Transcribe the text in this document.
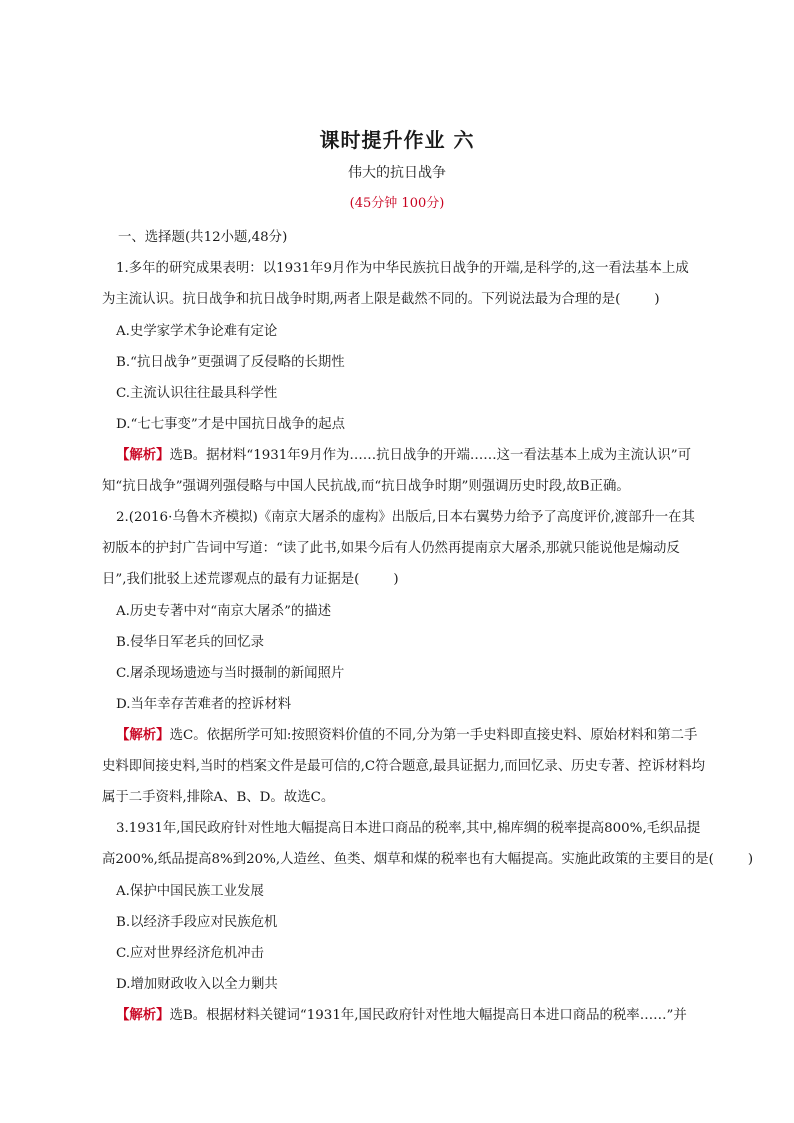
课时提升作业 六
伟大的抗日战争
(45分钟 100分)
一、选择题(共12小题,48分)
1.多年的研究成果表明：以1931年9月作为中华民族抗日战争的开端,是科学的,这一看法基本上成
为主流认识。抗日战争和抗日战争时期,两者上限是截然不同的。下列说法最为合理的是(	)
A.史学家学术争论难有定论
B.“抗日战争”更强调了反侵略的长期性
C.主流认识往往最具科学性
D.“七七事变”才是中国抗日战争的起点
【解析】选B。据材料“1931年9月作为……抗日战争的开端……这一看法基本上成为主流认识”可
知“抗日战争”强调列强侵略与中国人民抗战,而“抗日战争时期”则强调历史时段,故B正确。
2.(2016·乌鲁木齐模拟)《南京大屠杀的虚构》出版后,日本右翼势力给予了高度评价,渡部升一在其
初版本的护封广告词中写道：“读了此书,如果今后有人仍然再提南京大屠杀,那就只能说他是煽动反
日”,我们批驳上述荒谬观点的最有力证据是(	)
A.历史专著中对“南京大屠杀”的描述
B.侵华日军老兵的回忆录
C.屠杀现场遗迹与当时摄制的新闻照片
D.当年幸存苦难者的控诉材料
【解析】选C。依据所学可知:按照资料价值的不同,分为第一手史料即直接史料、原始材料和第二手
史料即间接史料,当时的档案文件是最可信的,C符合题意,最具证据力,而回忆录、历史专著、控诉材料均
属于二手资料,排除A、B、D。故选C。
3.1931年,国民政府针对性地大幅提高日本进口商品的税率,其中,棉库绸的税率提高800%,毛织品提
高200%,纸品提高8%到20%,人造丝、鱼类、烟草和煤的税率也有大幅提高。实施此政策的主要目的是(	)
A.保护中国民族工业发展
B.以经济手段应对民族危机
C.应对世界经济危机冲击
D.增加财政收入以全力剿共
【解析】选B。根据材料关键词“1931年,国民政府针对性地大幅提高日本进口商品的税率……”并
